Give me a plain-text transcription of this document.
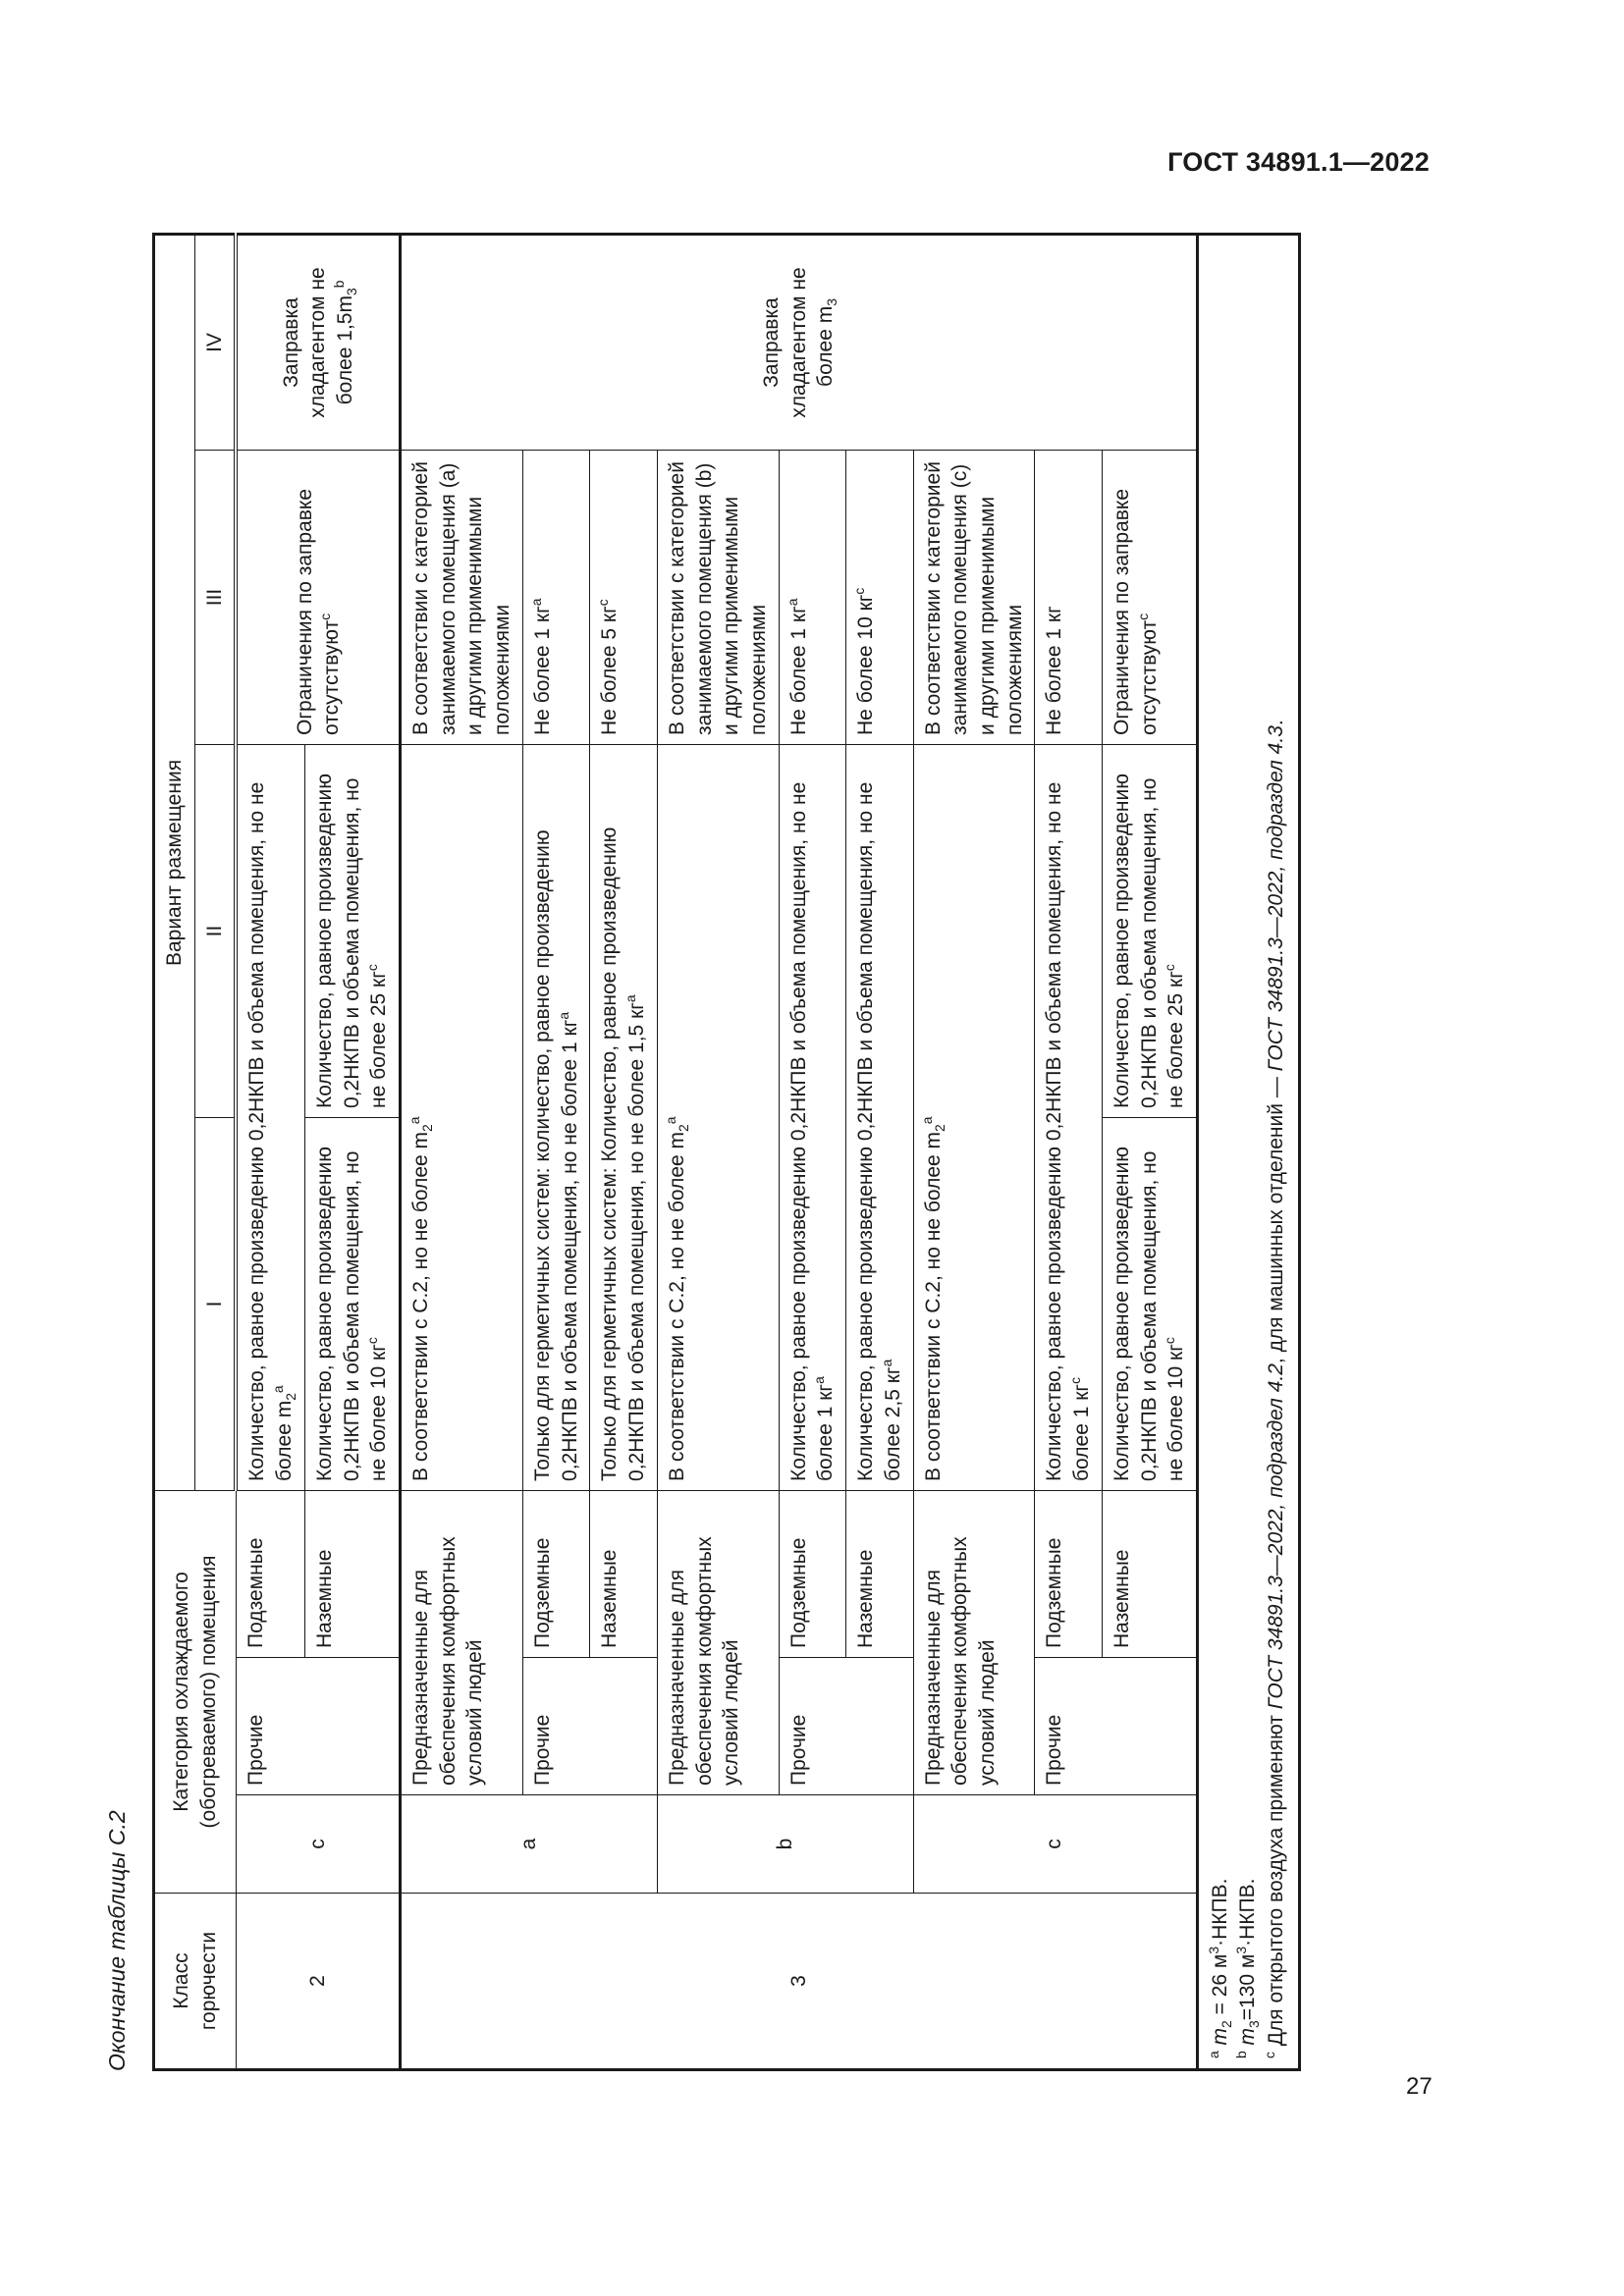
ГОСТ 34891.1—2022
27
Окончание таблицы С.2 Класс горючести	Категория охлаждаемого (обогреваемого) помещения			Вариант размещения			
				I	II	III	IV
2	c	Прочие	Подземные	Количество, равное произведению 0,2НКПВ и объема помещения, но не более $m_2^a$		Ограничения по заправке отсутствуют$^c$	Заправка хладагентом не более $1,5m_3^b$
			Наземные	Количество, равное произведению 0,2НКПВ и объема помещения, но не более 10 $кг^c$	Количество, равное произведению 0,2НКПВ и объема помещения, но не более 25 $кг^c$
3	a	Предназначенные для обеспечения комфортных условий людей		В соответствии с С.2, но не более $m_2^a$		В соответствии с категорией занимаемого помещения (a) и другими применимыми положениями	Заправка хладагентом не более $m_3$
		Прочие	Подземные	Только для герметичных систем: количество, равное произведению 0,2НКПВ и объема помещения, но не более 1 $кг^a$		Не более 1 $кг^a$
			Наземные	Только для герметичных систем: Количество, равное произведению 0,2НКПВ и объема помещения, но не более 1,5 $кг^a$		Не более 5 $кг^c$
	b	Предназначенные для обеспечения комфортных условий людей		В соответствии с С.2, но не более $m_2^a$		В соответствии с категорией занимаемого помещения (b) и другими применимыми положениями	
		Прочие	Подземные	Количество, равное произведению 0,2НКПВ и объема помещения, но не более 1 $кг^a$		Не более 1 $кг^a$
			Наземные	Количество, равное произведению 0,2НКПВ и объема помещения, но не более 2,5 $кг^a$		Не более 10 $кг^c$
	c	Предназначенные для обеспечения комфортных условий людей		В соответствии с С.2, но не более $m_2^a$		В соответствии с категорией занимаемого помещения (c) и другими применимыми положениями	
		Прочие	Подземные	Количество, равное произведению 0,2НКПВ и объема помещения, но не более 1 $кг^c$		Не более 1 кг	
			Наземные	Количество, равное произведению 0,2НКПВ и объема помещения, но не более 10 $кг^c$	Количество, равное произведению 0,2НКПВ и объема помещения, но не более 25 $кг^c$	Ограничения по заправке отсутствуют$^c$

$^a$ $m_2 = 26$ $м^3\cdot НКПВ$.
$^b$ $m_3=130$ $м^3\cdot НКПВ$.
$^c$ Для открытого воздуха применяют ГОСТ 34891.3—2022, подраздел 4.2, для машинных отделений — ГОСТ 34891.3—2022, подраздел 4.3.							
